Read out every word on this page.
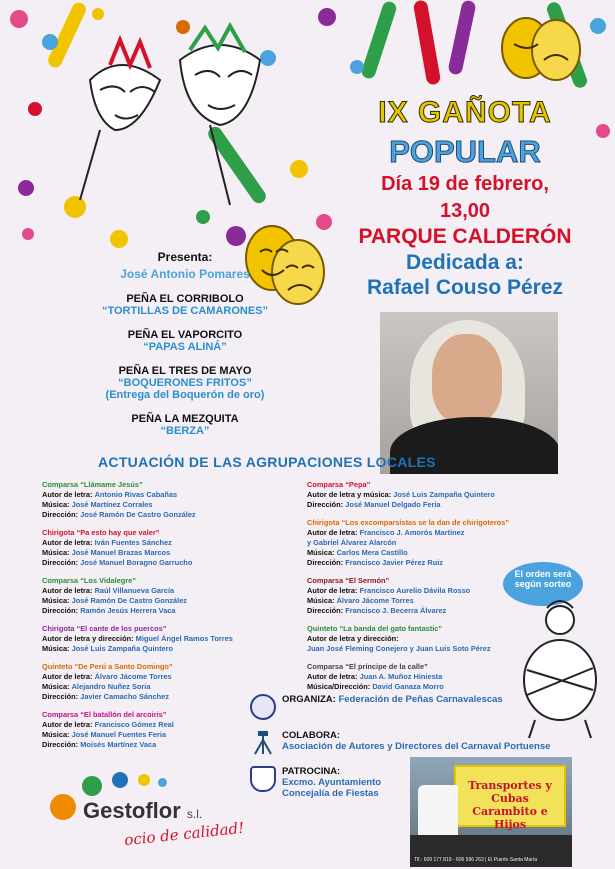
IX GAÑOTA
POPULAR
Día 19 de febrero,
13,00
PARQUE CALDERÓN
Dedicada a:
Rafael Couso Pérez
Presenta:
José Antonio Pomares
PEÑA EL CORRIBOLO
“TORTILLAS DE CAMARONES”
PEÑA EL VAPORCITO
“PAPAS ALINÁ”
PEÑA EL TRES DE MAYO
“BOQUERONES FRITOS”
(Entrega del Boquerón de oro)
PEÑA LA MEZQUITA
“BERZA”
ACTUACIÓN DE LAS AGRUPACIONES LOCALES
Comparsa “Llámame Jesús”
Autor de letra: Antonio Rivas Cabañas
Música: José Martínez Corrales
Dirección: José Ramón De Castro González
Chirigota “Pa esto hay que valer”
Autor de letra: Iván Fuentes Sánchez
Música: José Manuel Brazas Marcos
Dirección: José Manuel Boragno Garrucho
Comparsa “Los Vidalegre”
Autor de letra: Raúl Villanueva García
Música: José Ramón De Castro González
Dirección: Ramón Jesús Herrera Vaca
Chirigota “El cante de los puercos”
Autor de letra y dirección: Miguel Ángel Ramos Torres
Música: José Luis Zampaña Quintero
Quinteto “De Perú a Santo Domingo”
Autor de letra: Álvaro Jácome Torres
Música: Alejandro Nuñez Soria
Dirección: Javier Camacho Sánchez
Comparsa “El batallón del arcoiris”
Autor de letra: Francisco Gómez Real
Música: José Manuel Fuentes Feria
Dirección: Moisés Martínez Vaca
Comparsa “Pepa”
Autor de letra y música: José Luis Zampaña Quintero
Dirección: José Manuel Delgado Feria
Chirigota “Los excomparsistas se la dan de chirigoteros”
Autor de letra: Francisco J. Amorós Martínez
y Gabriel Álvarez Alarcón
Música: Carlos Mera Castillo
Dirección: Francisco Javier Pérez Ruiz
Comparsa “El Sermón”
Autor de letra: Francisco Aurelio Dávila Rosso
Música: Álvaro Jácome Torres
Dirección: Francisco J. Becerra Álvarez
Quinteto “La banda del gato fantastic”
Autor de letra y dirección:
Juan José Fleming Conejero y Juan Luis Soto Pérez
Comparsa “El príncipe de la calle”
Autor de letra: Juan A. Muñoz Hiniesta
Música/Dirección: David Ganaza Morro
El orden será según sorteo
ORGANIZA: Federación de Peñas Carnavalescas
COLABORA:
Asociación de Autores y Directores del Carnaval Portuense
PATROCINA:
Excmo. Ayuntamiento
Concejalía de Fiestas
Gestoflor s.l.
ocio de calidad!
Transportes y Cubas
Carambito e Hijos
Tlf.: 609 177 819 - 606 596 263 | El Puerto Santa María
